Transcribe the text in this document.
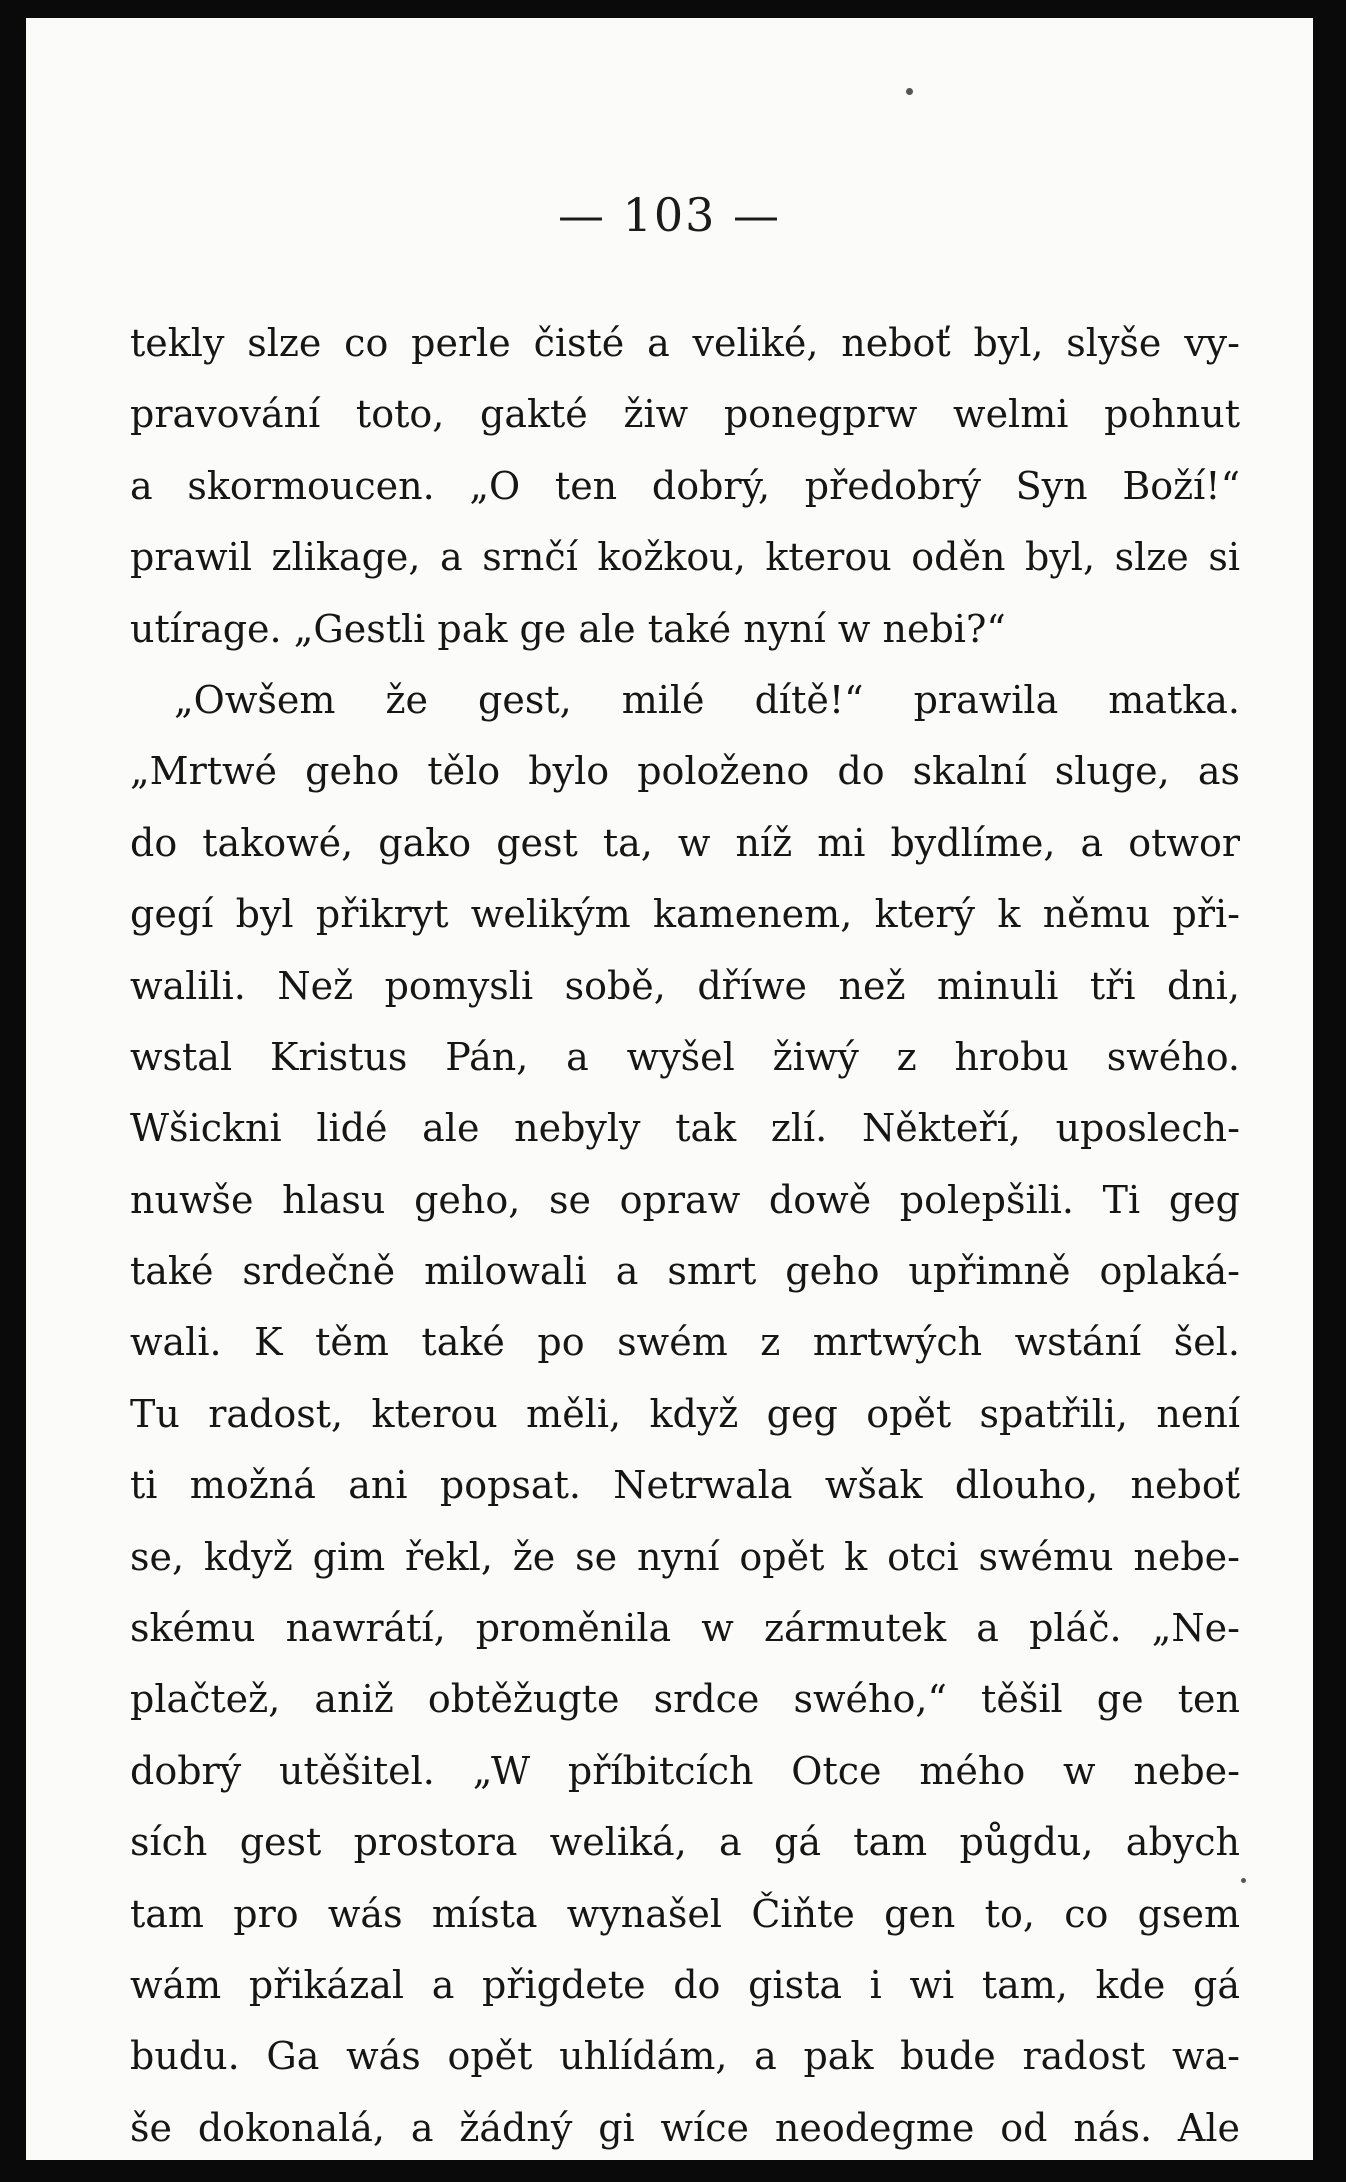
— 103 —
tekly slze co perle čisté a veliké, neboť byl, slyše vy-
pravování toto, gakté žiw ponegprw welmi pohnut
a skormoucen. „O ten dobrý, předobrý Syn Boží!“
prawil zlikage, a srnčí kožkou, kterou oděn byl, slze si
utírage. „Gestli pak ge ale také nyní w nebi?“
„Owšem že gest, milé dítě!“ prawila matka.
„Mrtwé geho tělo bylo položeno do skalní sluge, as
do takowé, gako gest ta, w níž mi bydlíme, a otwor
gegí byl přikryt welikým kamenem, který k němu při-
walili. Než pomysli sobě, dříwe než minuli tři dni,
wstal Kristus Pán, a wyšel žiwý z hrobu swého.
Wšickni lidé ale nebyly tak zlí. Někteří, uposlech-
nuwše hlasu geho, se opraw dowě polepšili. Ti geg
také srdečně milowali a smrt geho upřimně oplaká-
wali. K těm také po swém z mrtwých wstání šel.
Tu radost, kterou měli, když geg opět spatřili, není
ti možná ani popsat. Netrwala wšak dlouho, neboť
se, když gim řekl, že se nyní opět k otci swému nebe-
skému nawrátí, proměnila w zármutek a pláč. „Ne-
plačtež, aniž obtěžugte srdce swého,“ těšil ge ten
dobrý utěšitel. „W příbitcích Otce mého w nebe-
sích gest prostora weliká, a gá tam půgdu, abych
tam pro wás místa wynašel Čiňte gen to, co gsem
wám přikázal a přigdete do gista i wi tam, kde gá
budu. Ga wás opět uhlídám, a pak bude radost wa-
še dokonalá, a žádný gi wíce neodegme od nás. Ale
